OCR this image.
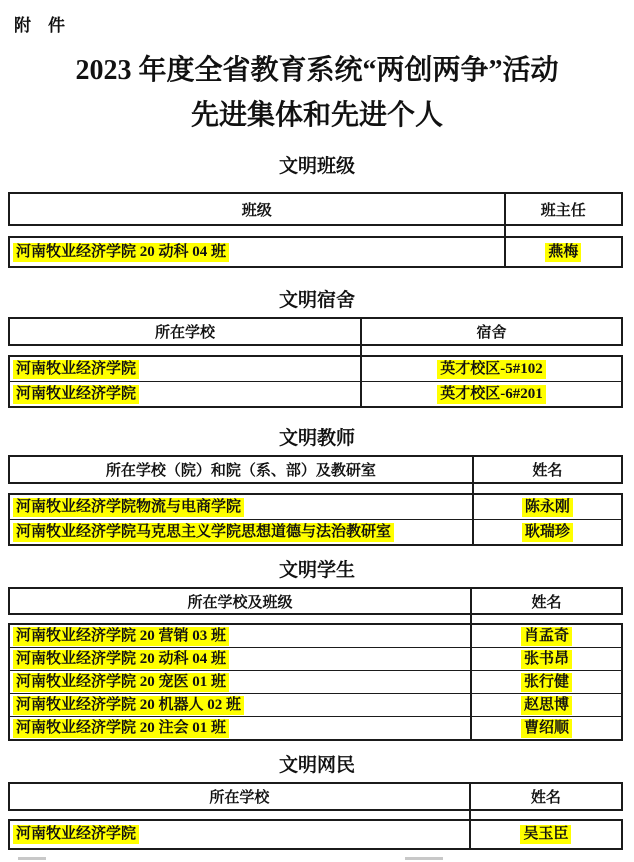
附　件
2023 年度全省教育系统“两创两争”活动
先进集体和先进个人
文明班级
班级	班主任
河南牧业经济学院 20 动科 04 班	燕梅
文明宿舍
所在学校	宿舍
河南牧业经济学院	英才校区-5#102
河南牧业经济学院	英才校区-6#201
文明教师
所在学校（院）和院（系、部）及教研室	姓名
河南牧业经济学院物流与电商学院	陈永刚
河南牧业经济学院马克思主义学院思想道德与法治教研室	耿瑞珍
文明学生
所在学校及班级	姓名
河南牧业经济学院 20 营销 03 班	肖孟奇
河南牧业经济学院 20 动科 04 班	张书昂
河南牧业经济学院 20 宠医 01 班	张行健
河南牧业经济学院 20 机器人 02 班	赵思博
河南牧业经济学院 20 注会 01 班	曹绍顺
文明网民
所在学校	姓名
河南牧业经济学院	吴玉臣
